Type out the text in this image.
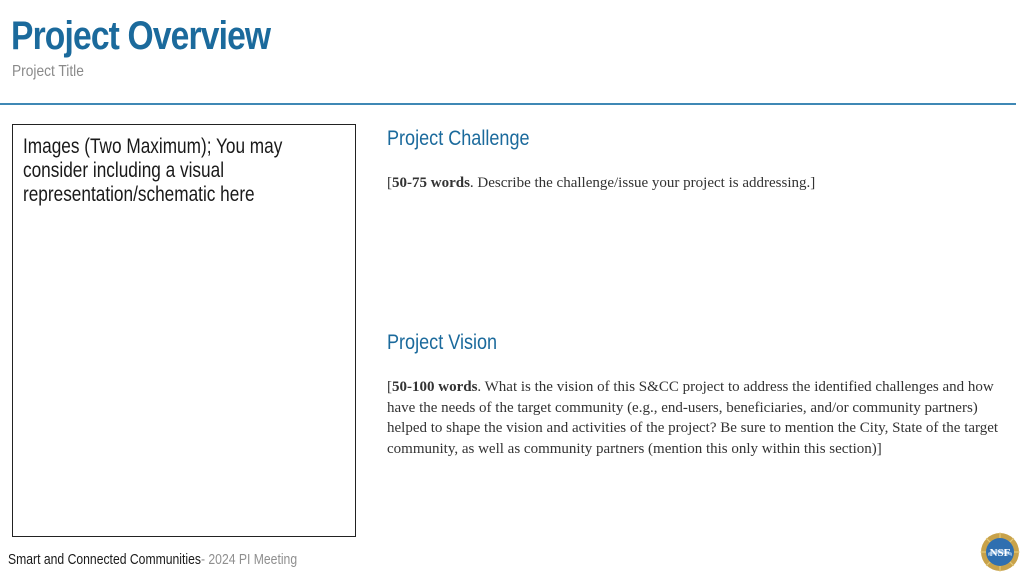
Project Overview
Project Title
Images (Two Maximum); You may consider including a visual representation/schematic here
Project Challenge
[50-75 words. Describe the challenge/issue your project is addressing.]
Project Vision
[50-100 words. What is the vision of this S&CC project to address the identified challenges and how have the needs of the target community (e.g., end-users, beneficiaries, and/or community partners) helped to shape the vision and activities of the project? Be sure to mention the City, State of the target community, as well as community partners (mention this only within this section)]
Smart and Connected Communities- 2024 PI Meeting	NSF
